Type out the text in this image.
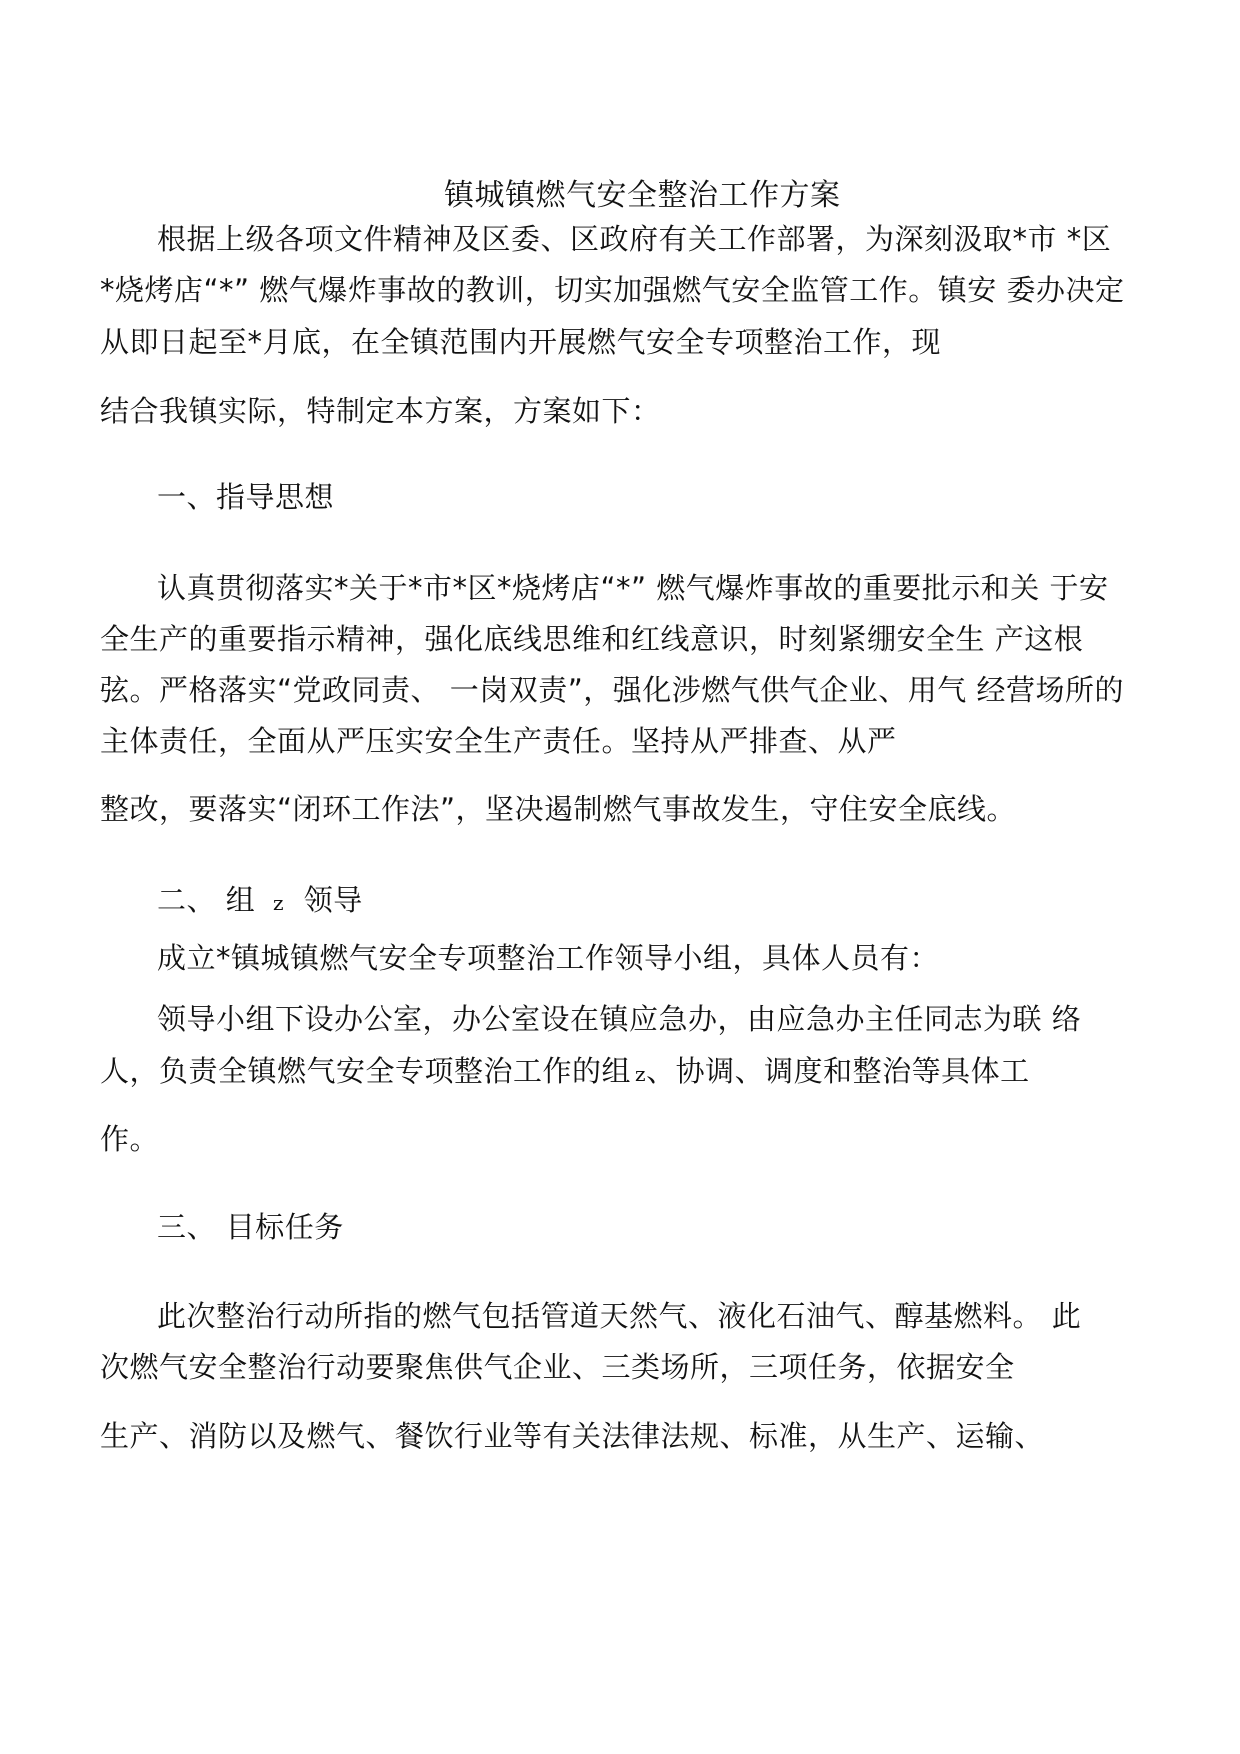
镇城镇燃气安全整治工作方案
根据上级各项文件精神及区委、区政府有关工作部署，为深刻汲取*市 *区
*烧烤店“*” 燃气爆炸事故的教训，切实加强燃气安全监管工作。镇安 委办决定
从即日起至*月底，在全镇范围内开展燃气安全专项整治工作，现
结合我镇实际，特制定本方案，方案如下：
一、指导思想
认真贯彻落实*关于*市*区*烧烤店“*” 燃气爆炸事故的重要批示和关 于安
全生产的重要指示精神，强化底线思维和红线意识，时刻紧绷安全生 产这根
弦。严格落实“党政同责、 一岗双责”，强化涉燃气供气企业、用气 经营场所的
主体责任，全面从严压实安全生产责任。坚持从严排查、从严
整改，要落实“闭环工作法”，坚决遏制燃气事故发生，守住安全底线。
二、 组 z 领导
成立*镇城镇燃气安全专项整治工作领导小组，具体人员有：
领导小组下设办公室，办公室设在镇应急办，由应急办主任同志为联 络
人，负责全镇燃气安全专项整治工作的组 z、协调、调度和整治等具体工
作。
三、 目标任务
此次整治行动所指的燃气包括管道天然气、液化石油气、醇基燃料。 此
次燃气安全整治行动要聚焦供气企业、三类场所，三项任务，依据安全
生产、消防以及燃气、餐饮行业等有关法律法规、标准，从生产、运输、
